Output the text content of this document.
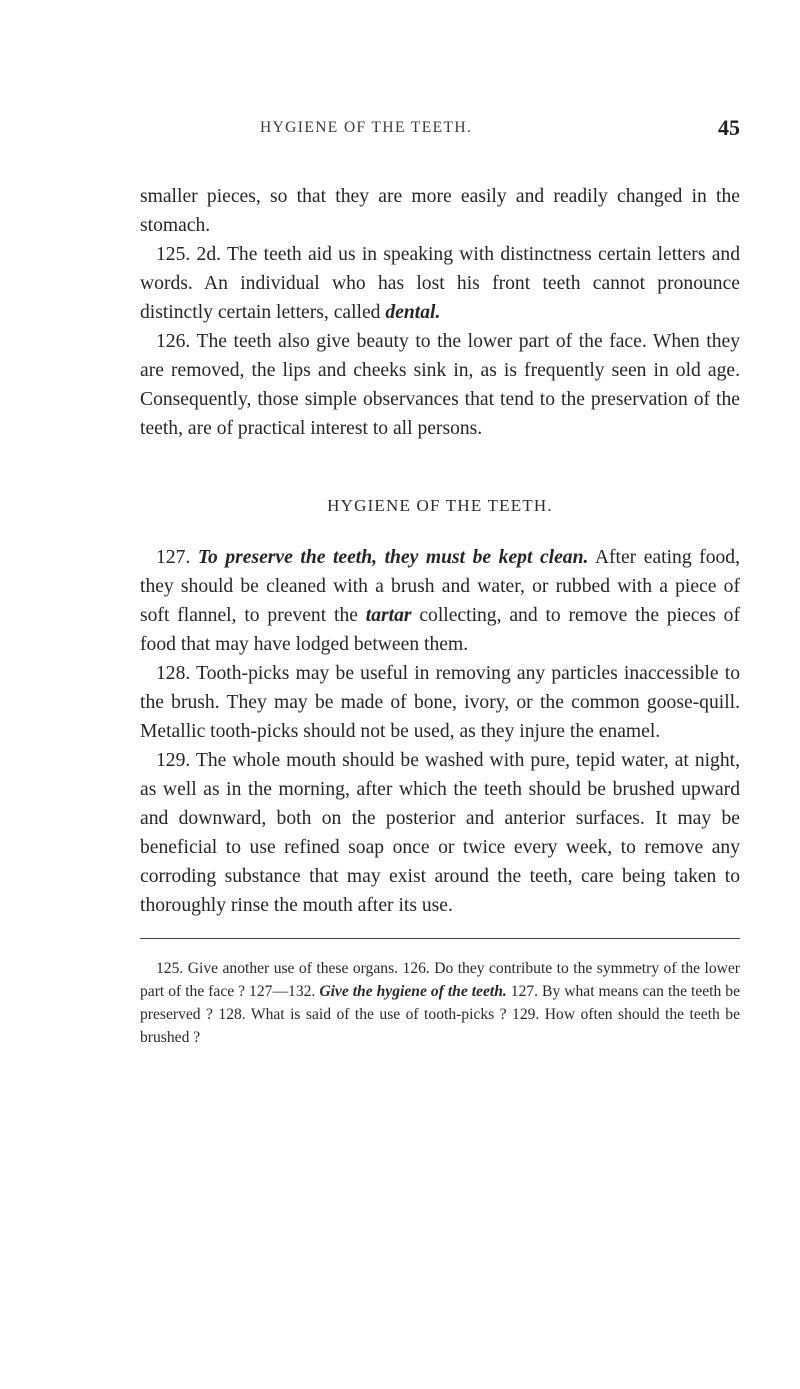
HYGIENE OF THE TEETH.	45

smaller pieces, so that they are more easily and readily changed in the stomach.

125. 2d. The teeth aid us in speaking with distinctness certain letters and words. An individual who has lost his front teeth cannot pronounce distinctly certain letters, called dental.

126. The teeth also give beauty to the lower part of the face. When they are removed, the lips and cheeks sink in, as is frequently seen in old age. Consequently, those simple observances that tend to the preservation of the teeth, are of practical interest to all persons.

HYGIENE OF THE TEETH.

127. To preserve the teeth, they must be kept clean. After eating food, they should be cleaned with a brush and water, or rubbed with a piece of soft flannel, to prevent the tartar collecting, and to remove the pieces of food that may have lodged between them.

128. Tooth-picks may be useful in removing any particles inaccessible to the brush. They may be made of bone, ivory, or the common goose-quill. Metallic tooth-picks should not be used, as they injure the enamel.

129. The whole mouth should be washed with pure, tepid water, at night, as well as in the morning, after which the teeth should be brushed upward and downward, both on the posterior and anterior surfaces. It may be beneficial to use refined soap once or twice every week, to remove any corroding substance that may exist around the teeth, care being taken to thoroughly rinse the mouth after its use.

125. Give another use of these organs. 126. Do they contribute to the symmetry of the lower part of the face ? 127—132. Give the hygiene of the teeth. 127. By what means can the teeth be preserved ? 128. What is said of the use of tooth-picks ? 129. How often should the teeth be brushed ?
